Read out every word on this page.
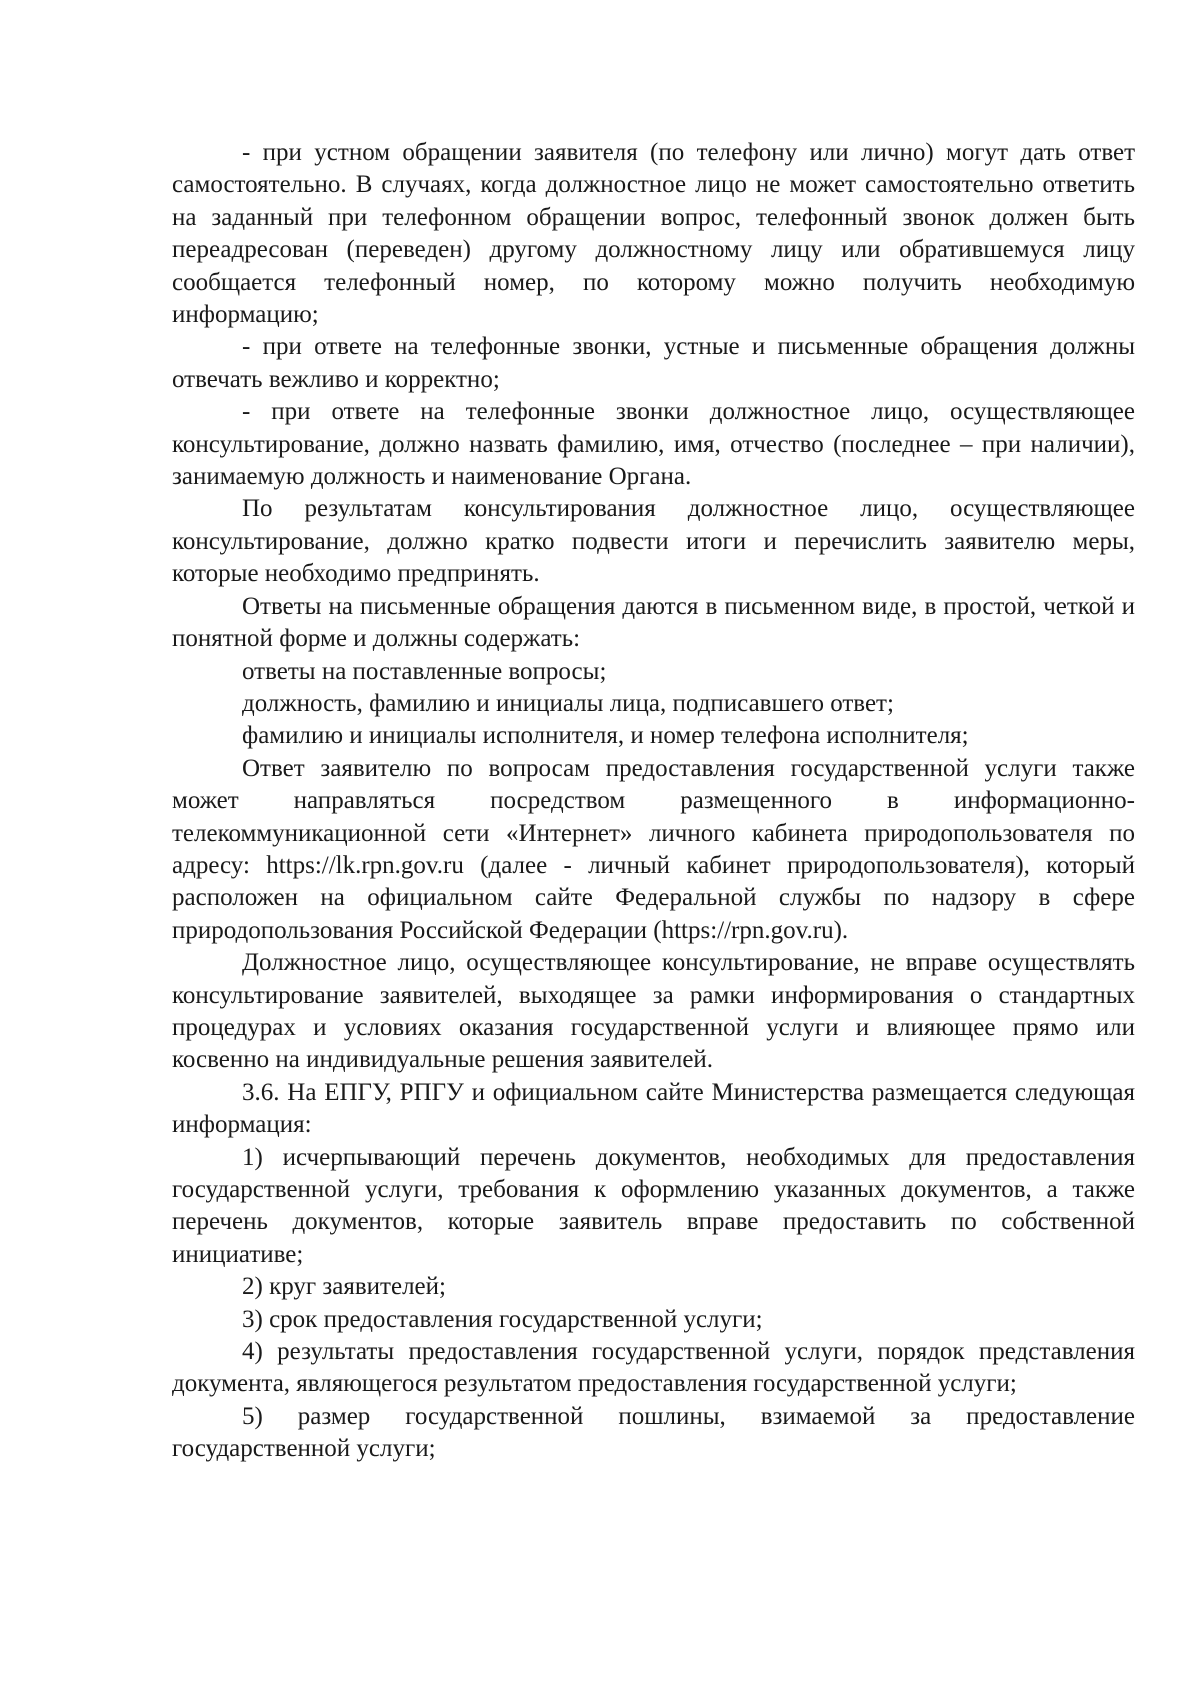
- при устном обращении заявителя (по телефону или лично) могут дать ответ самостоятельно. В случаях, когда должностное лицо не может самостоятельно ответить на заданный при телефонном обращении вопрос, телефонный звонок должен быть переадресован (переведен) другому должностному лицу или обратившемуся лицу сообщается телефонный номер, по которому можно получить необходимую информацию;

- при ответе на телефонные звонки, устные и письменные обращения должны отвечать вежливо и корректно;

- при ответе на телефонные звонки должностное лицо, осуществляющее консультирование, должно назвать фамилию, имя, отчество (последнее – при наличии), занимаемую должность и наименование Органа.

По результатам консультирования должностное лицо, осуществляющее консультирование, должно кратко подвести итоги и перечислить заявителю меры, которые необходимо предпринять.

Ответы на письменные обращения даются в письменном виде, в простой, четкой и понятной форме и должны содержать:

ответы на поставленные вопросы;

должность, фамилию и инициалы лица, подписавшего ответ;

фамилию и инициалы исполнителя, и номер телефона исполнителя;

Ответ заявителю по вопросам предоставления государственной услуги также может направляться посредством размещенного в информационно-телекоммуникационной сети «Интернет» личного кабинета природопользователя по адресу: https://lk.rpn.gov.ru (далее - личный кабинет природопользователя), который расположен на официальном сайте Федеральной службы по надзору в сфере природопользования Российской Федерации (https://rpn.gov.ru).

Должностное лицо, осуществляющее консультирование, не вправе осуществлять консультирование заявителей, выходящее за рамки информирования о стандартных процедурах и условиях оказания государственной услуги и влияющее прямо или косвенно на индивидуальные решения заявителей.

3.6. На ЕПГУ, РПГУ и официальном сайте Министерства размещается следующая информация:

1) исчерпывающий перечень документов, необходимых для предоставления государственной услуги, требования к оформлению указанных документов, а также перечень документов, которые заявитель вправе предоставить по собственной инициативе;

2) круг заявителей;

3) срок предоставления государственной услуги;

4) результаты предоставления государственной услуги, порядок представления документа, являющегося результатом предоставления государственной услуги;

5) размер государственной пошлины, взимаемой за предоставление государственной услуги;
